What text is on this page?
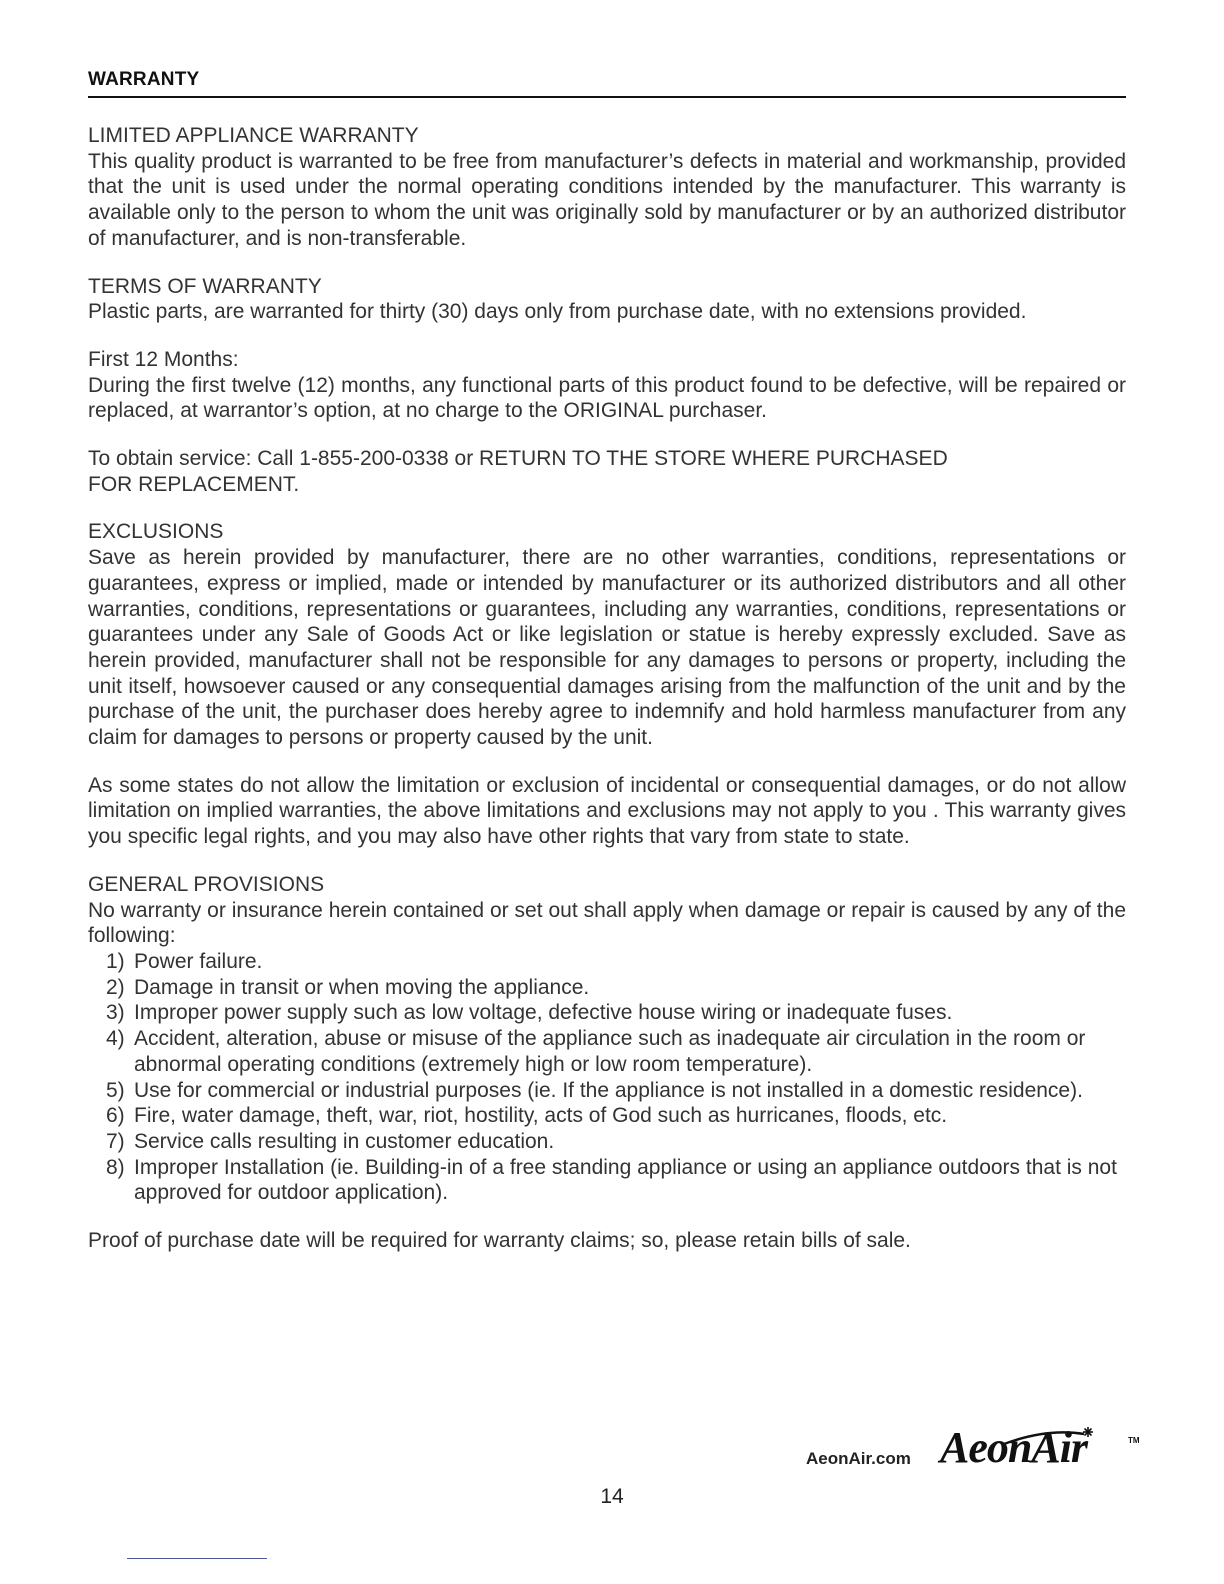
WARRANTY
LIMITED APPLIANCE WARRANTY

This quality product is warranted to be free from manufacturer’s defects in material and workmanship, provided that the unit is used under the normal operating conditions intended by the manufacturer. This warranty is available only to the person to whom the unit was originally sold by manufacturer or by an authorized distributor of manufacturer, and is non-transferable.

TERMS OF WARRANTY

Plastic parts, are warranted for thirty (30) days only from purchase date, with no extensions provided.

First 12 Months:

During the first twelve (12) months, any functional parts of this product found to be defective, will be repaired or replaced, at warrantor’s option, at no charge to the ORIGINAL purchaser.

To obtain service: Call 1-855-200-0338 or RETURN TO THE STORE WHERE PURCHASED

FOR REPLACEMENT.

EXCLUSIONS

Save as herein provided by manufacturer, there are no other warranties, conditions, representations or guarantees, express or implied, made or intended by manufacturer or its authorized distributors and all other warranties, conditions, representations or guarantees, including any warranties, conditions, representations or guarantees under any Sale of Goods Act or like legislation or statue is hereby expressly excluded. Save as herein provided, manufacturer shall not be responsible for any damages to persons or property, including the unit itself, howsoever caused or any consequential damages arising from the malfunction of the unit and by the purchase of the unit, the purchaser does hereby agree to indemnify and hold harmless manufacturer from any claim for damages to persons or property caused by the unit.

As some states do not allow the limitation or exclusion of incidental or consequential damages, or do not allow limitation on implied warranties, the above limitations and exclusions may not apply to you . This warranty gives you specific legal rights, and you may also have other rights that vary from state to state.

GENERAL PROVISIONS

No warranty or insurance herein contained or set out shall apply when damage or repair is caused by any of the following:

1) Power failure.
2) Damage in transit or when moving the appliance.
3) Improper power supply such as low voltage, defective house wiring or inadequate fuses.
4) Accident, alteration, abuse or misuse of the appliance such as inadequate air circulation in the room or abnormal operating conditions (extremely high or low room temperature).
5) Use for commercial or industrial purposes (ie. If the appliance is not installed in a domestic residence).
6) Fire, water damage, theft, war, riot, hostility, acts of God such as hurricanes, floods, etc.
7) Service calls resulting in customer education.
8) Improper Installation (ie. Building-in of a free standing appliance or using an appliance outdoors that is not approved for outdoor application).

Proof of purchase date will be required for warranty claims; so, please retain bills of sale.

AeonAir.com AeonAir	TM
14
